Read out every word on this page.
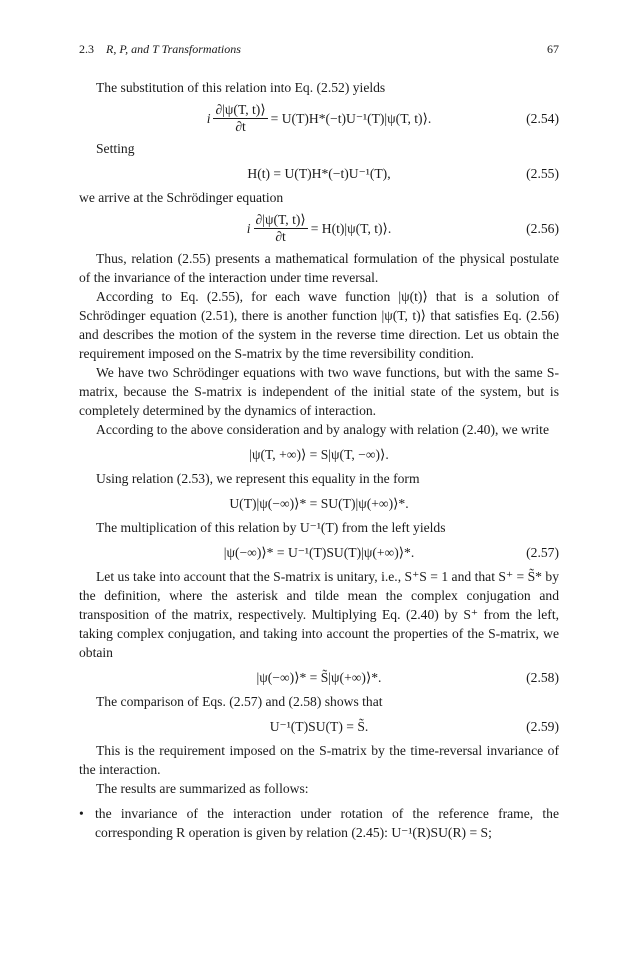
2.3 R, P, and T Transformations	67

The substitution of this relation into Eq. (2.52) yields

i $\frac{\partial|\psi(T, t)⟩}{\partial t} = U(T)H*(-t)U^{-1}(T)|\psi(T$, t)⟩.	(2.54)

Setting

H(t) = U(T)H*(−t)U⁻¹(T),	(2.55)

we arrive at the Schrödinger equation

i $\frac{\partial|\psi(T, t)⟩}{\partial t} = H(t)|\psi(T$, t)⟩.	(2.56)

Thus, relation (2.55) presents a mathematical formulation of the physical postulate of the invariance of the interaction under time reversal.

According to Eq. (2.55), for each wave function |ψ(t)⟩ that is a solution of Schrödinger equation (2.51), there is another function |ψ(T, t)⟩ that satisfies Eq. (2.56) and describes the motion of the system in the reverse time direction. Let us obtain the requirement imposed on the S-matrix by the time reversibility condition.

We have two Schrödinger equations with two wave functions, but with the same S-matrix, because the S-matrix is independent of the initial state of the system, but is completely determined by the dynamics of interaction.

According to the above consideration and by analogy with relation (2.40), we write

|ψ(T, +∞)⟩ = S|ψ(T, −∞)⟩.

Using relation (2.53), we represent this equality in the form

U(T)|ψ(−∞)⟩* = SU(T)|ψ(+∞)⟩*.

The multiplication of this relation by U⁻¹(T) from the left yields

|ψ(−∞)⟩* = U⁻¹(T)SU(T)|ψ(+∞)⟩*.	(2.57)

Let us take into account that the S-matrix is unitary, i.e., S⁺S = 1 and that S⁺ = S̃* by the definition, where the asterisk and tilde mean the complex conjugation and transposition of the matrix, respectively. Multiplying Eq. (2.40) by S⁺ from the left, taking complex conjugation, and taking into account the properties of the S-matrix, we obtain

|ψ(−∞)⟩* = S̃|ψ(+∞)⟩*.	(2.58)

The comparison of Eqs. (2.57) and (2.58) shows that

U⁻¹(T)SU(T) = S̃.	(2.59)

This is the requirement imposed on the S-matrix by the time-reversal invariance of the interaction.

The results are summarized as follows:

• the invariance of the interaction under rotation of the reference frame, the corresponding R operation is given by relation (2.45): U⁻¹(R)SU(R) = S;
